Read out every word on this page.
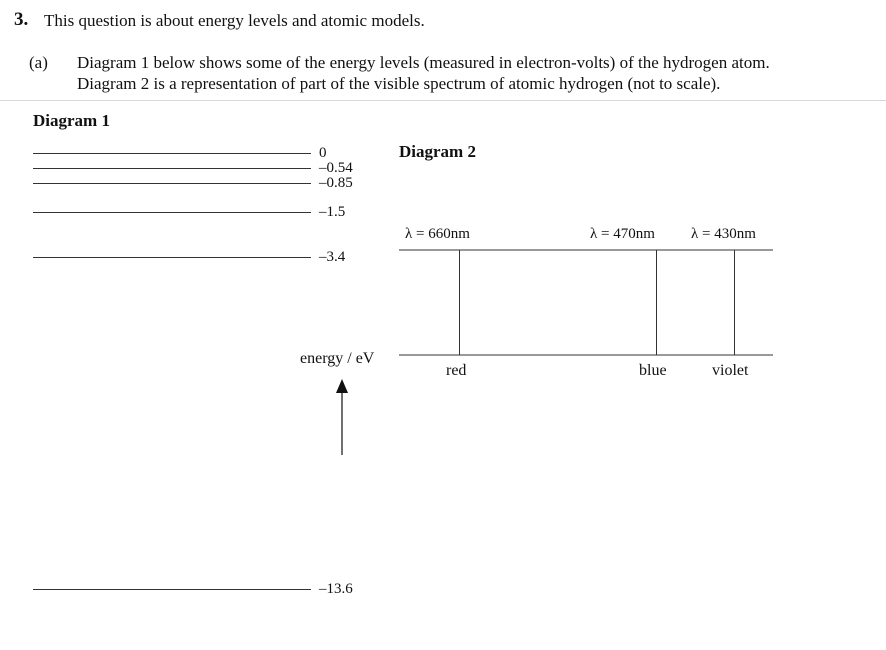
3. This question is about energy levels and atomic models.
(a) Diagram 1 below shows some of the energy levels (measured in electron-volts) of the hydrogen atom.
Diagram 2 is a representation of part of the visible spectrum of atomic hydrogen (not to scale).
Diagram 1
0
–0.54
–0.85
–1.5
–3.4
–13.6
energy / eV
Diagram 2
λ = 660nm
red
λ = 470nm
blue
λ = 430nm
violet
